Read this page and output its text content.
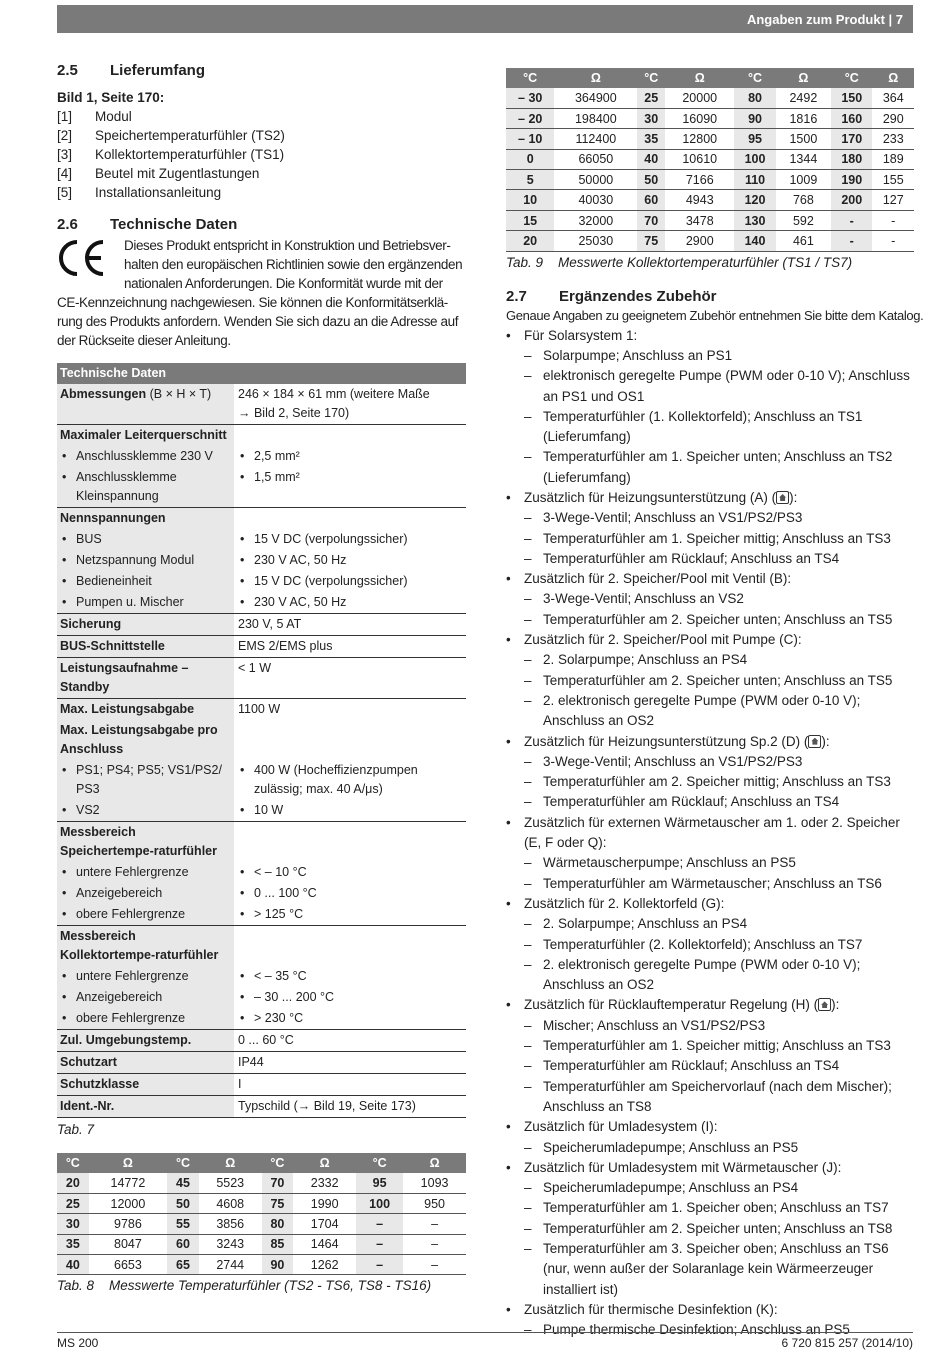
Angaben zum Produkt | 7
2.5	Lieferumfang
Bild 1, Seite 170:
[1]	Modul
[2]	Speichertemperaturfühler (TS2)
[3]	Kollektortemperaturfühler (TS1)
[4]	Beutel mit Zugentlastungen
[5]	Installationsanleitung
2.6	Technische Daten
Dieses Produkt entspricht in Konstruktion und Betriebsver-
halten den europäischen Richtlinien sowie den ergänzenden
nationalen Anforderungen. Die Konformität wurde mit der
CE-Kennzeichnung nachgewiesen. Sie können die Konformitätserklä-
rung des Produkts anfordern. Wenden Sie sich dazu an die Adresse auf
der Rückseite dieser Anleitung.
Technische Daten	
Abmessungen (B × H × T)	246 × 184 × 61 mm (weitere Maße
→ Bild 2, Seite 170)

Maximaler Leiterquerschnitt	

• Anschlussklemme 230 V	• 2,5 mm²

• Anschlussklemme Kleinspannung	• 1,5 mm²

Nennspannungen	

• BUS	• 15 V DC (verpolungssicher)

• Netzspannung Modul	• 230 V AC, 50 Hz

• Bedieneinheit	• 15 V DC (verpolungssicher)

• Pumpen u. Mischer	• 230 V AC, 50 Hz

Sicherung	230 V, 5 AT
BUS-Schnittstelle	EMS 2/EMS plus
Leistungsaufnahme – Standby	< 1 W
Max. Leistungsabgabe	1100 W
Max. Leistungsabgabe pro Anschluss	

• PS1; PS4; PS5; VS1/PS2/ PS3	• 400 W (Hocheffizienzpumpen zulässig; max. 40 A/μs)

• VS2	• 10 W

Messbereich Speichertempe-raturfühler	

• untere Fehlergrenze	• < – 10 °C

• Anzeigebereich	• 0 ... 100 °C

• obere Fehlergrenze	• > 125 °C

Messbereich Kollektortempe-raturfühler	

• untere Fehlergrenze	• < – 35 °C

• Anzeigebereich	• – 30 ... 200 °C

• obere Fehlergrenze	• > 230 °C

Zul. Umgebungstemp.	0 ... 60 °C
Schutzart	IP44
Schutzklasse	I
Ident.-Nr.	Typschild (→ Bild 19, Seite 173)
Tab. 7
°C	Ω	°C	Ω	°C	Ω	°C	Ω
20	14772	45	5523	70	2332	95	1093
25	12000	50	4608	75	1990	100	950
30	9786	55	3856	80	1704	–	–
35	8047	60	3243	85	1464	–	–
40	6653	65	2744	90	1262	–	–
Tab. 8	Messwerte Temperaturfühler (TS2 - TS6, TS8 - TS16)
°C	Ω	°C	Ω	°C	Ω	°C	Ω
– 30	364900	25	20000	80	2492	150	364
– 20	198400	30	16090	90	1816	160	290
– 10	112400	35	12800	95	1500	170	233
0	66050	40	10610	100	1344	180	189
5	50000	50	7166	110	1009	190	155
10	40030	60	4943	120	768	200	127
15	32000	70	3478	130	592	-	-
20	25030	75	2900	140	461	-	-
Tab. 9	Messwerte Kollektortemperaturfühler (TS1 / TS7)
2.7	Ergänzendes Zubehör
Genaue Angaben zu geeignetem Zubehör entnehmen Sie bitte dem Katalog.
• Für Solarsystem 1:
– Solarpumpe; Anschluss an PS1
– elektronisch geregelte Pumpe (PWM oder 0-10 V); Anschluss an PS1 und OS1
– Temperaturfühler (1. Kollektorfeld); Anschluss an TS1 (Lieferumfang)
– Temperaturfühler am 1. Speicher unten; Anschluss an TS2 (Lieferumfang)
• Zusätzlich für Heizungsunterstützung (A) ( ):
– 3-Wege-Ventil; Anschluss an VS1/PS2/PS3
– Temperaturfühler am 1. Speicher mittig; Anschluss an TS3
– Temperaturfühler am Rücklauf; Anschluss an TS4
• Zusätzlich für 2. Speicher/Pool mit Ventil (B):
– 3-Wege-Ventil; Anschluss an VS2
– Temperaturfühler am 2. Speicher unten; Anschluss an TS5
• Zusätzlich für 2. Speicher/Pool mit Pumpe (C):
– 2. Solarpumpe; Anschluss an PS4
– Temperaturfühler am 2. Speicher unten; Anschluss an TS5
– 2. elektronisch geregelte Pumpe (PWM oder 0-10 V); Anschluss an OS2
• Zusätzlich für Heizungsunterstützung Sp.2 (D) ( ):
– 3-Wege-Ventil; Anschluss an VS1/PS2/PS3
– Temperaturfühler am 2. Speicher mittig; Anschluss an TS3
– Temperaturfühler am Rücklauf; Anschluss an TS4
• Zusätzlich für externen Wärmetauscher am 1. oder 2. Speicher (E, F oder Q):
– Wärmetauscherpumpe; Anschluss an PS5
– Temperaturfühler am Wärmetauscher; Anschluss an TS6
• Zusätzlich für 2. Kollektorfeld (G):
– 2. Solarpumpe; Anschluss an PS4
– Temperaturfühler (2. Kollektorfeld); Anschluss an TS7
– 2. elektronisch geregelte Pumpe (PWM oder 0-10 V); Anschluss an OS2
• Zusätzlich für Rücklauftemperatur Regelung (H) ( ):
– Mischer; Anschluss an VS1/PS2/PS3
– Temperaturfühler am 1. Speicher mittig; Anschluss an TS3
– Temperaturfühler am Rücklauf; Anschluss an TS4
– Temperaturfühler am Speichervorlauf (nach dem Mischer); Anschluss an TS8
• Zusätzlich für Umladesystem (I):
– Speicherumladepumpe; Anschluss an PS5
• Zusätzlich für Umladesystem mit Wärmetauscher (J):
– Speicherumladepumpe; Anschluss an PS4
– Temperaturfühler am 1. Speicher oben; Anschluss an TS7
– Temperaturfühler am 2. Speicher unten; Anschluss an TS8
– Temperaturfühler am 3. Speicher oben; Anschluss an TS6 (nur, wenn außer der Solaranlage kein Wärmeerzeuger installiert ist)
• Zusätzlich für thermische Desinfektion (K):
– Pumpe thermische Desinfektion; Anschluss an PS5
MS 200	6 720 815 257 (2014/10)
